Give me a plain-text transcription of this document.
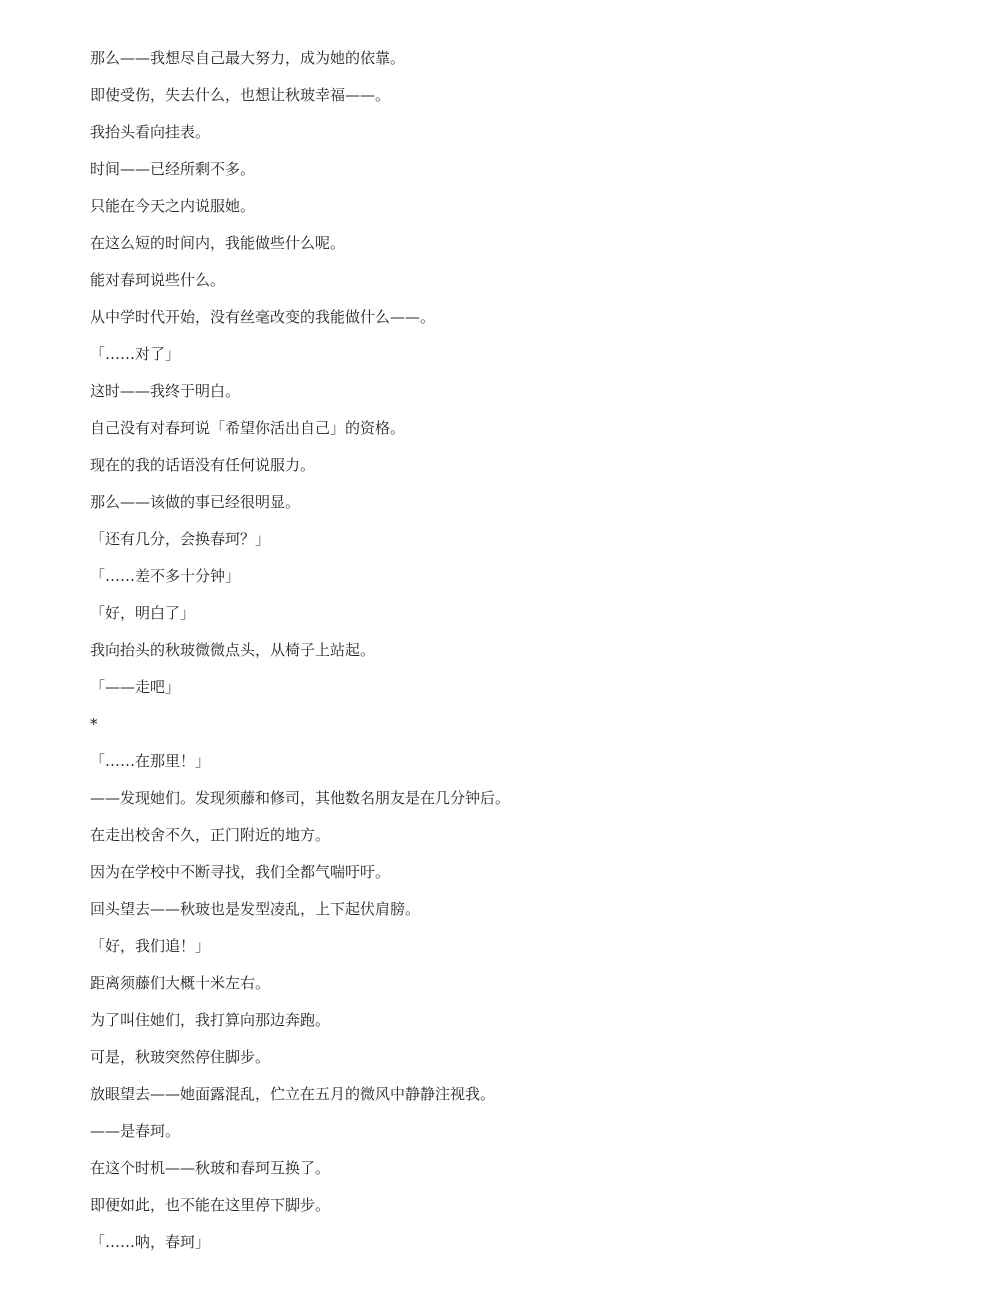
那么——我想尽自己最大努力，成为她的依靠。

即使受伤，失去什么，也想让秋玻幸福——。

我抬头看向挂表。

时间——已经所剩不多。

只能在今天之内说服她。

在这么短的时间内，我能做些什么呢。

能对春珂说些什么。

从中学时代开始，没有丝毫改变的我能做什么——。

「……对了」

这时——我终于明白。

自己没有对春珂说「希望你活出自己」的资格。

现在的我的话语没有任何说服力。

那么——该做的事已经很明显。

「还有几分，会换春珂？」

「……差不多十分钟」

「好，明白了」

我向抬头的秋玻微微点头，从椅子上站起。

「——走吧」

*

「……在那里！」

——发现她们。发现须藤和修司，其他数名朋友是在几分钟后。

在走出校舍不久，正门附近的地方。

因为在学校中不断寻找，我们全都气喘吁吁。

回头望去——秋玻也是发型凌乱，上下起伏肩膀。

「好，我们追！」

距离须藤们大概十米左右。

为了叫住她们，我打算向那边奔跑。

可是，秋玻突然停住脚步。

放眼望去——她面露混乱，伫立在五月的微风中静静注视我。

——是春珂。

在这个时机——秋玻和春珂互换了。

即便如此，也不能在这里停下脚步。

「……呐，春珂」
